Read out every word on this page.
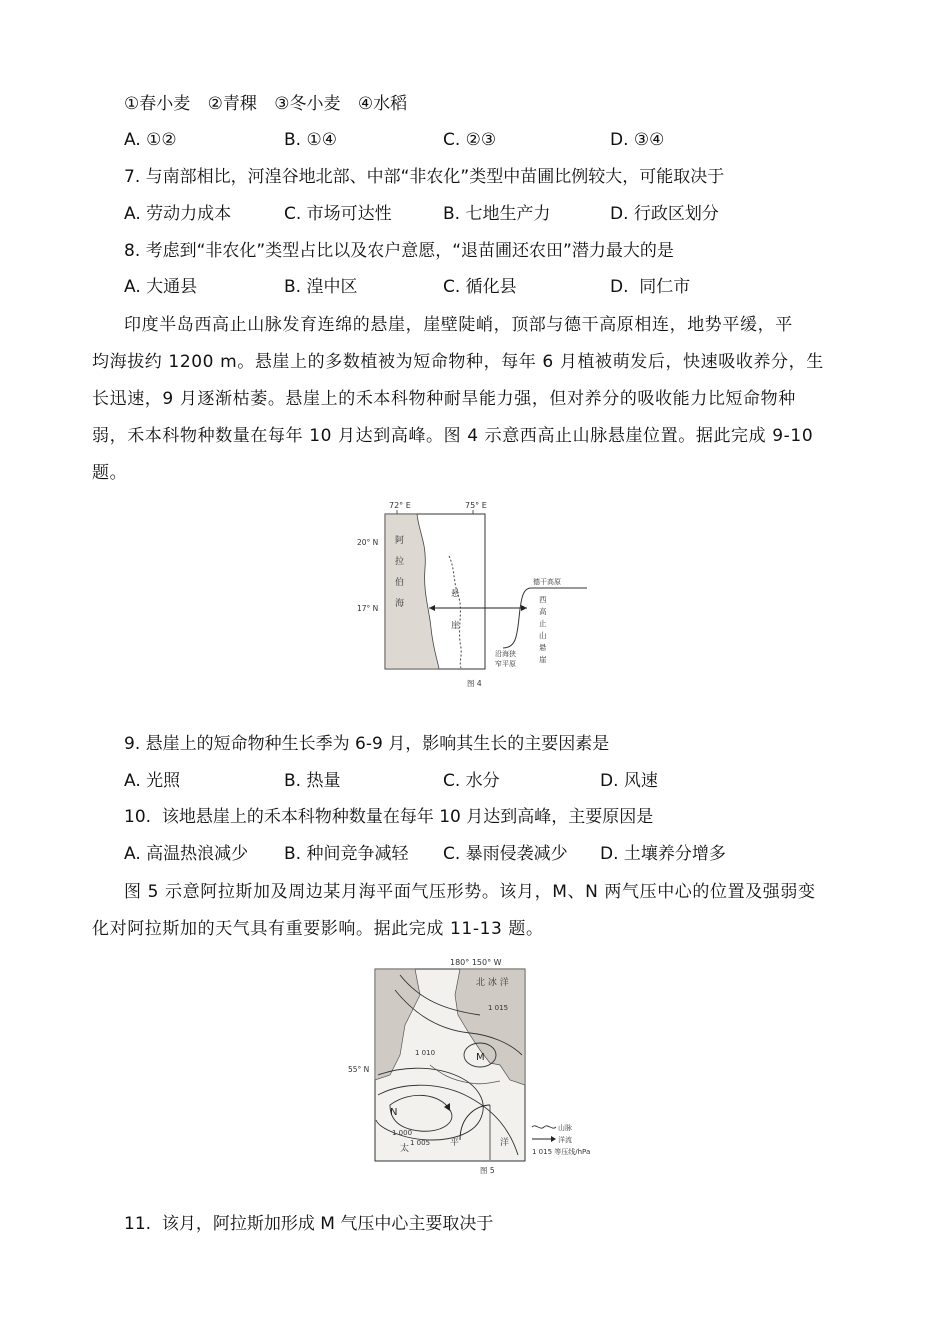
①春小麦 ②青稞 ③冬小麦 ④水稻
A. ①②	B. ①④	C. ②③	D. ③④
7. 与南部相比，河湟谷地北部、中部“非农化”类型中苗圃比例较大，可能取决于
A. 劳动力成本	C. 市场可达性	B. 七地生产力	D. 行政区划分
8. 考虑到“非农化”类型占比以及农户意愿，“退苗圃还农田”潜力最大的是
A. 大通县	B. 湟中区	C. 循化县	D.  同仁市
印度半岛西高止山脉发育连绵的悬崖，崖壁陡峭，顶部与德干高原相连，地势平缓，平
均海拔约 1200 m。悬崖上的多数植被为短命物种，每年 6 月植被萌发后，快速吸收养分，生
长迅速，9 月逐渐枯萎。悬崖上的禾本科物种耐旱能力强，但对养分的吸收能力比短命物种
弱，禾本科物种数量在每年 10 月达到高峰。图 4 示意西高止山脉悬崖位置。据此完成 9-10
题。
72° E	75° E
20° N
17° N
阿
拉
伯
海
悬
崖
德干高原
西
高
止
山
悬
崖
沿海狭
窄平原
图 4
9. 悬崖上的短命物种生长季为 6-9 月，影响其生长的主要因素是
A. 光照	B. 热量	C. 水分	D. 风速
10.  该地悬崖上的禾本科物种数量在每年 10 月达到高峰，主要原因是
A. 高温热浪减少 B. 种间竞争减轻 C. 暴雨侵袭减少 D. 土壤养分增多
图 5 示意阿拉斯加及周边某月海平面气压形势。该月，M、N 两气压中心的位置及强弱变
化对阿拉斯加的天气具有重要影响。据此完成 11-13 题。
180° 150° W
北 冰 洋
1 015
M
1 010
55° N
N
1 000
1 005
太
平	洋
山脉
洋流
1 015 等压线/hPa
图 5
11.  该月，阿拉斯加形成 M 气压中心主要取决于
